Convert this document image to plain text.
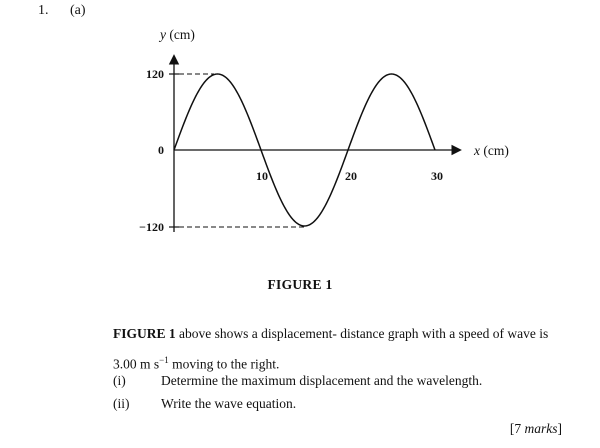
1. (a)
y (cm)
x (cm)
120
0
−120
10	20	30
FIGURE 1
FIGURE 1 above shows a displacement- distance graph with a speed of wave is
3.00 m $s^{-1}$ moving to the right.
(i)	Determine the maximum displacement and the wavelength.
(ii) Write the wave equation.
[7 marks]
